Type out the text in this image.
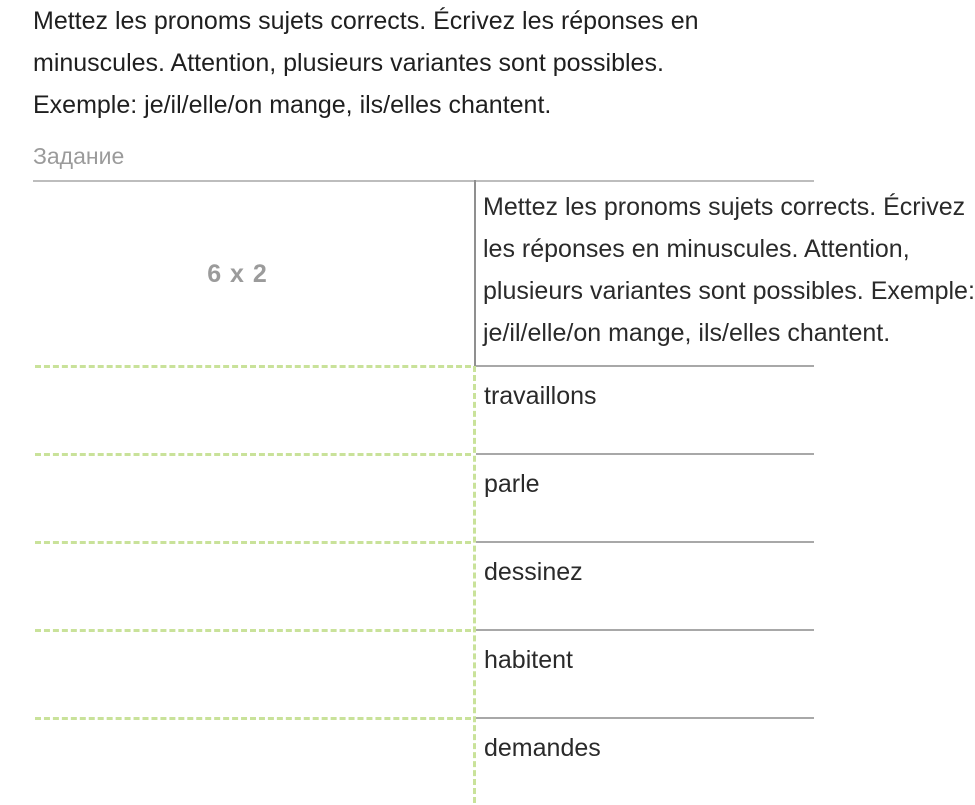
Mettez les pronoms sujets corrects. Écrivez les réponses en

minuscules. Attention, plusieurs variantes sont possibles.

Exemple: je/il/elle/on mange, ils/elles chantent.

Задание
6 x 2

Mettez les pronoms sujets corrects. Écrivez

les réponses en minuscules. Attention,

plusieurs variantes sont possibles. Exemple:

je/il/elle/on mange, ils/elles chantent.

travaillons
parle
dessinez
habitent
demandes
